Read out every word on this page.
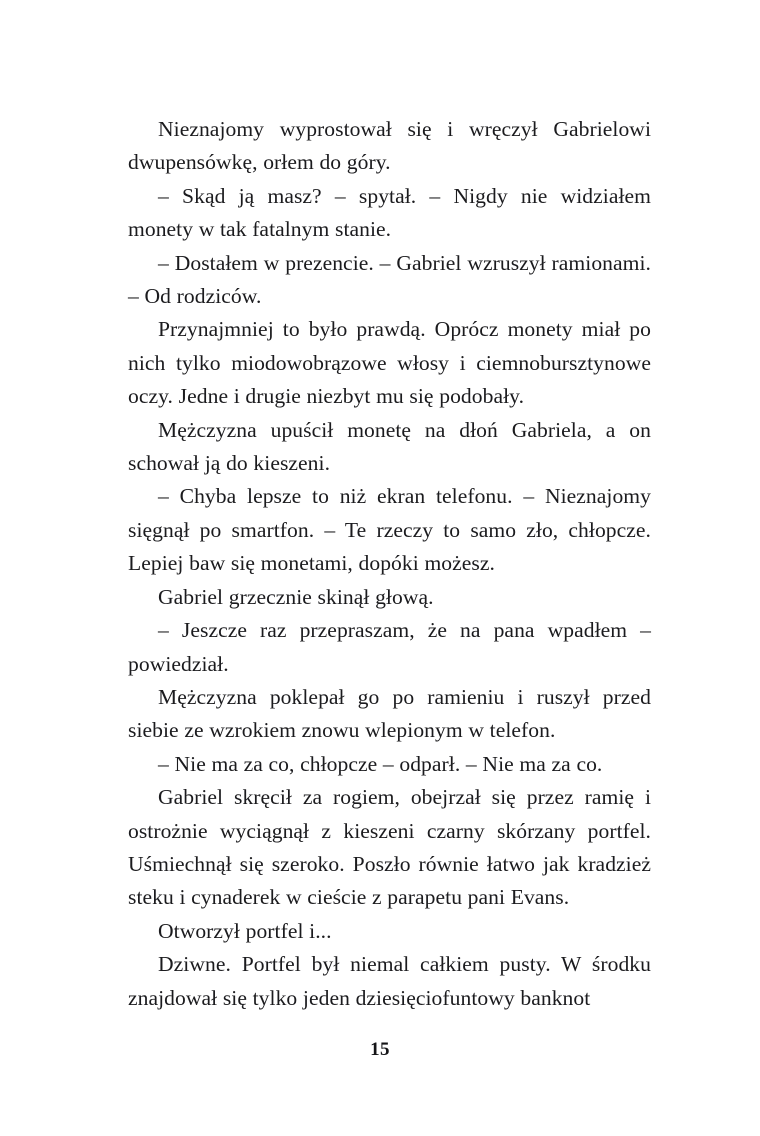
Nieznajomy wyprostował się i wręczył Gabrielowi dwupensówkę, orłem do góry.

– Skąd ją masz? – spytał. – Nigdy nie widziałem monety w tak fatalnym stanie.

– Dostałem w prezencie. – Gabriel wzruszył ramionami. – Od rodziców.

Przynajmniej to było prawdą. Oprócz monety miał po nich tylko miodowobrązowe włosy i ciemnobursztynowe oczy. Jedne i drugie niezbyt mu się podobały.

Mężczyzna upuścił monetę na dłoń Gabriela, a on schował ją do kieszeni.

– Chyba lepsze to niż ekran telefonu. – Nieznajomy sięgnął po smartfon. – Te rzeczy to samo zło, chłopcze. Lepiej baw się monetami, dopóki możesz.

Gabriel grzecznie skinął głową.

– Jeszcze raz przepraszam, że na pana wpadłem – powiedział.

Mężczyzna poklepał go po ramieniu i ruszył przed siebie ze wzrokiem znowu wlepionym w telefon.

– Nie ma za co, chłopcze – odparł. – Nie ma za co.

Gabriel skręcił za rogiem, obejrzał się przez ramię i ostrożnie wyciągnął z kieszeni czarny skórzany portfel. Uśmiechnął się szeroko. Poszło równie łatwo jak kradzież steku i cynaderek w cieście z parapetu pani Evans.

Otworzył portfel i...

Dziwne. Portfel był niemal całkiem pusty. W środku znajdował się tylko jeden dziesięciofuntowy banknot

15
